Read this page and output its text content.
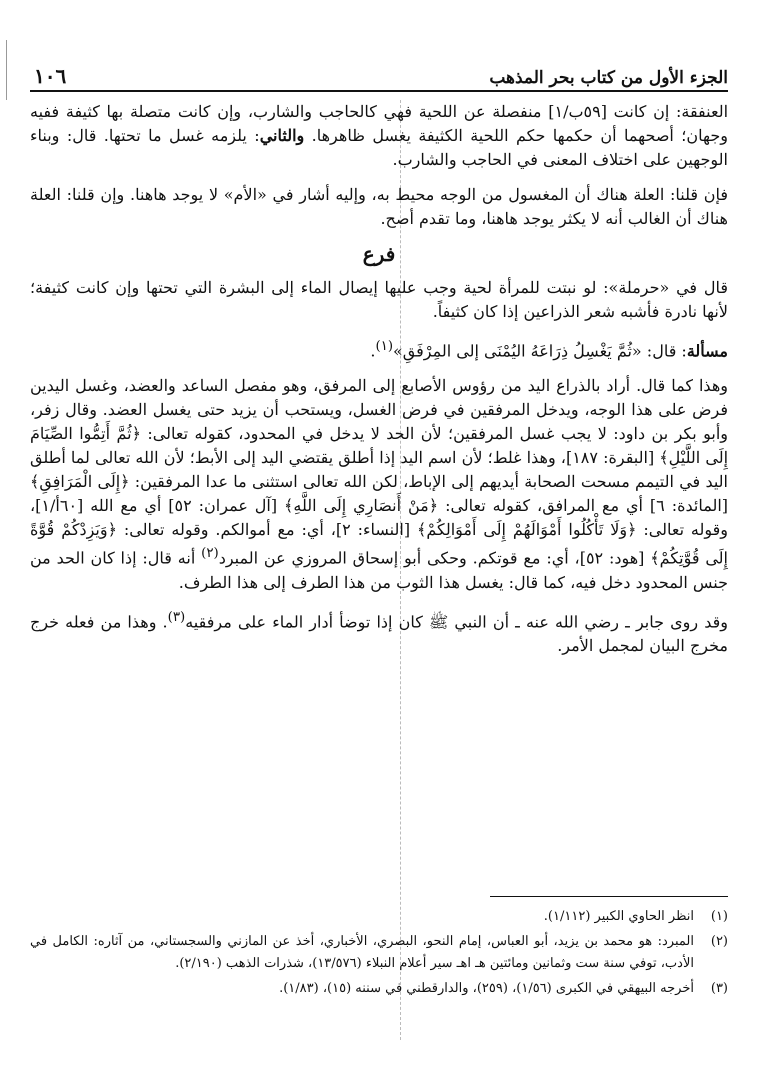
الجزء الأول من كتاب بحر المذهب
١٠٦

العنفقة: إن كانت [٥٩ب/١] منفصلة عن اللحية فهي كالحاجب والشارب، وإن كانت متصلة بها كثيفة ففيه وجهان؛ أصحهما أن حكمها حكم اللحية الكثيفة يغسل ظاهرها. والثاني: يلزمه غسل ما تحتها. قال: وبناء الوجهين على اختلاف المعنى في الحاجب والشارب.

فإن قلنا: العلة هناك أن المغسول من الوجه محيط به، وإليه أشار في «الأم» لا يوجد هاهنا. وإن قلنا: العلة هناك أن الغالب أنه لا يكثر يوجد هاهنا، وما تقدم أصح.

فرع

قال في «حرملة»: لو نبتت للمرأة لحية وجب عليها إيصال الماء إلى البشرة التي تحتها وإن كانت كثيفة؛ لأنها نادرة فأشبه شعر الذراعين إذا كان كثيفاً.

مسألة: قال: «ثُمَّ يَغْسِلُ ذِرَاعَهُ اليُمْنَى إلى المِرْفَقِ»$^{(١)}$.

وهذا كما قال. أراد بالذراع اليد من رؤوس الأصابع إلى المرفق، وهو مفصل الساعد والعضد، وغسل اليدين فرض على هذا الوجه، ويدخل المرفقين في فرض الغسل، ويستحب أن يزيد حتى يغسل العضد. وقال زفر، وأبو بكر بن داود: لا يجب غسل المرفقين؛ لأن الحد لا يدخل في المحدود، كقوله تعالى: ﴿ثُمَّ أَتِمُّوا الصِّيَامَ إِلَى اللَّيْلِ﴾ [البقرة: ١٨٧]، وهذا غلط؛ لأن اسم اليد إذا أطلق يقتضي اليد إلى الأبط؛ لأن الله تعالى لما أطلق اليد في التيمم مسحت الصحابة أيديهم إلى الإباط، لكن الله تعالى استثنى ما عدا المرفقين: ﴿إِلَى الْمَرَافِقِ﴾ [المائدة: ٦] أي مع المرافق، كقوله تعالى: ﴿مَنْ أَنصَارِي إِلَى اللَّهِ﴾ [آل عمران: ٥٢] أي مع الله [٦٠أ/١]، وقوله تعالى: ﴿وَلَا تَأْكُلُوا أَمْوَالَهُمْ إِلَى أَمْوَالِكُمْ﴾ [النساء: ٢]، أي: مع أموالكم. وقوله تعالى: ﴿وَيَزِدْكُمْ قُوَّةً إِلَى قُوَّتِكُمْ﴾ [هود: ٥٢]، أي: مع قوتكم. وحكى أبو إسحاق المروزي عن المبرد$^{(٢)}$ أنه قال: إذا كان الحد من جنس المحدود دخل فيه، كما قال: يغسل هذا الثوب من هذا الطرف إلى هذا الطرف.

وقد روى جابر ـ رضي الله عنه ـ أن النبي ﷺ كان إذا توضأ أدار الماء على مرفقيه$^{(٣)}$. وهذا من فعله خرج مخرج البيان لمجمل الأمر.

(١)
انظر الحاوي الكبير (١/١١٢).
(٢)
المبرد: هو محمد بن يزيد، أبو العباس، إمام النحو، البصري، الأخباري، أخذ عن المازني والسجستاني، من آثاره: الكامل في الأدب، توفي سنة ست وثمانين ومائتين هـ اهـ سير أعلام النبلاء (١٣/٥٧٦)، شذرات الذهب (٢/١٩٠).
(٣)
أخرجه البيهقي في الكبرى (١/٥٦)، (٢٥٩)، والدارقطني في سننه (١٥)، (١/٨٣).
